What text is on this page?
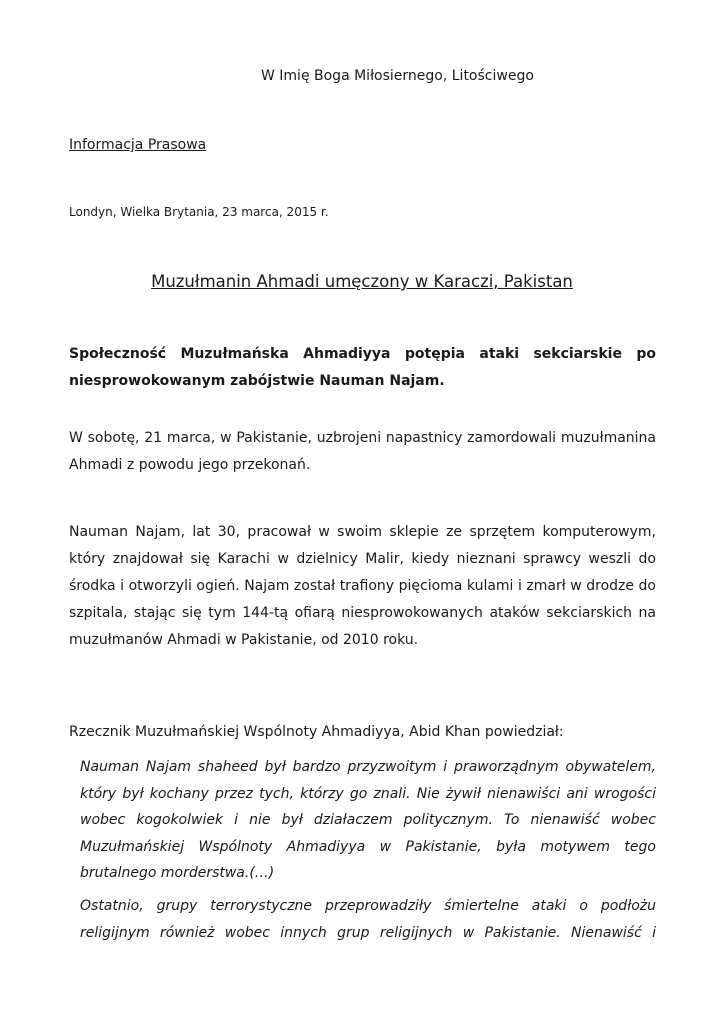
W Imię Boga Miłosiernego, Litościwego
Informacja Prasowa
Londyn, Wielka Brytania, 23 marca, 2015 r.
Muzułmanin Ahmadi umęczony w Karaczi, Pakistan
Społeczność Muzułmańska Ahmadiyya potępia ataki sekciarskie po niesprowokowanym zabójstwie Nauman Najam.
W sobotę, 21 marca, w Pakistanie, uzbrojeni napastnicy zamordowali muzułmanina Ahmadi z powodu jego przekonań.
Nauman Najam, lat 30, pracował w swoim sklepie ze sprzętem komputerowym, który znajdował się Karachi w dzielnicy Malir, kiedy nieznani sprawcy weszli do środka i otworzyli ogień. Najam został trafiony pięcioma kulami i zmarł w drodze do szpitala, stając się tym 144-tą ofiarą niesprowokowanych ataków sekciarskich na muzułmanów Ahmadi w Pakistanie, od 2010 roku.
Rzecznik Muzułmańskiej Wspólnoty Ahmadiyya, Abid Khan powiedział:
Nauman Najam shaheed był bardzo przyzwoitym i praworządnym obywatelem, który był kochany przez tych, którzy go znali. Nie żywił nienawiści ani wrogości wobec kogokolwiek i nie był działaczem politycznym. To nienawiść wobec Muzułmańskiej Wspólnoty Ahmadiyya w Pakistanie, była motywem tego brutalnego morderstwa.(…)
Ostatnio, grupy terrorystyczne przeprowadziły śmiertelne ataki o podłożu religijnym również wobec innych grup religijnych w Pakistanie. Nienawiść i
